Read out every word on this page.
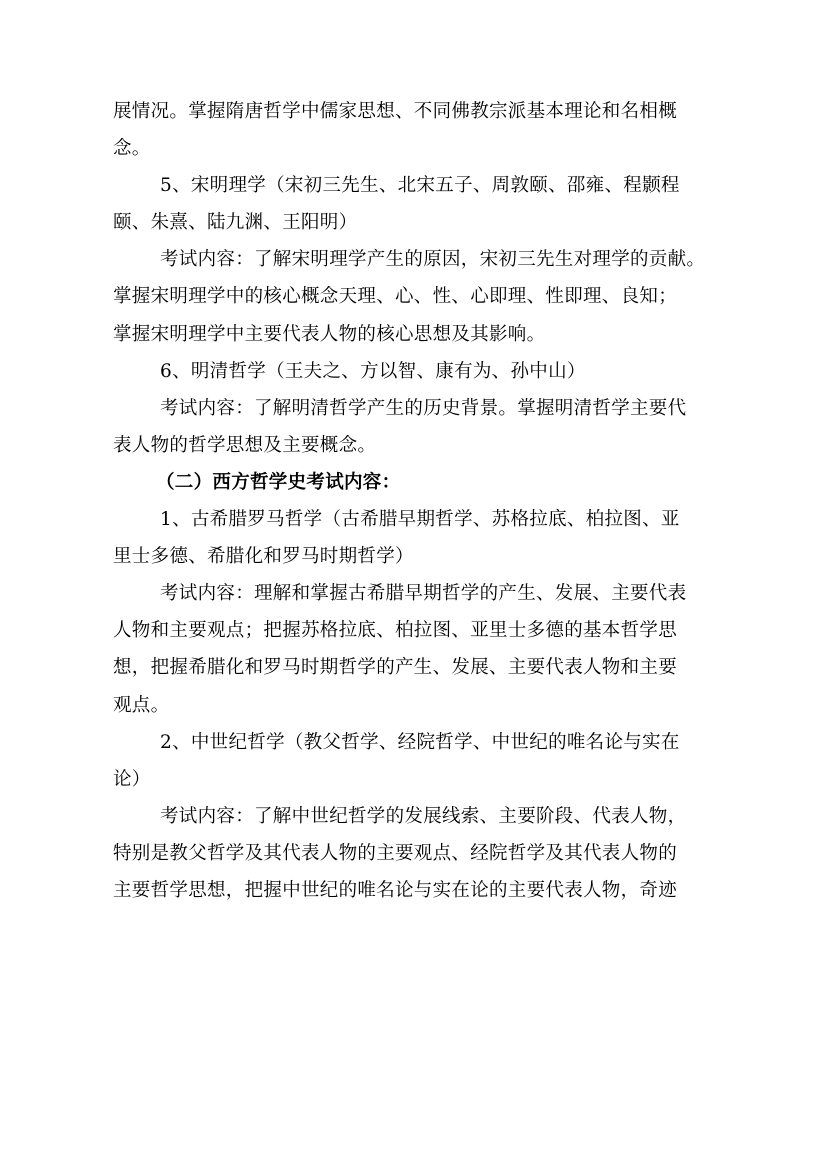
展情况。掌握隋唐哲学中儒家思想、不同佛教宗派基本理论和名相概
念。
5、宋明理学（宋初三先生、北宋五子、周敦颐、邵雍、程颢程
颐、朱熹、陆九渊、王阳明）
考试内容：了解宋明理学产生的原因，宋初三先生对理学的贡献。
掌握宋明理学中的核心概念天理、心、性、心即理、性即理、良知；
掌握宋明理学中主要代表人物的核心思想及其影响。
6、明清哲学（王夫之、方以智、康有为、孙中山）
考试内容：了解明清哲学产生的历史背景。掌握明清哲学主要代
表人物的哲学思想及主要概念。
（二）西方哲学史考试内容：
1、古希腊罗马哲学（古希腊早期哲学、苏格拉底、柏拉图、亚
里士多德、希腊化和罗马时期哲学）
考试内容：理解和掌握古希腊早期哲学的产生、发展、主要代表
人物和主要观点；把握苏格拉底、柏拉图、亚里士多德的基本哲学思
想，把握希腊化和罗马时期哲学的产生、发展、主要代表人物和主要
观点。
2、中世纪哲学（教父哲学、经院哲学、中世纪的唯名论与实在
论）
考试内容：了解中世纪哲学的发展线索、主要阶段、代表人物，
特别是教父哲学及其代表人物的主要观点、经院哲学及其代表人物的
主要哲学思想，把握中世纪的唯名论与实在论的主要代表人物，奇迹
